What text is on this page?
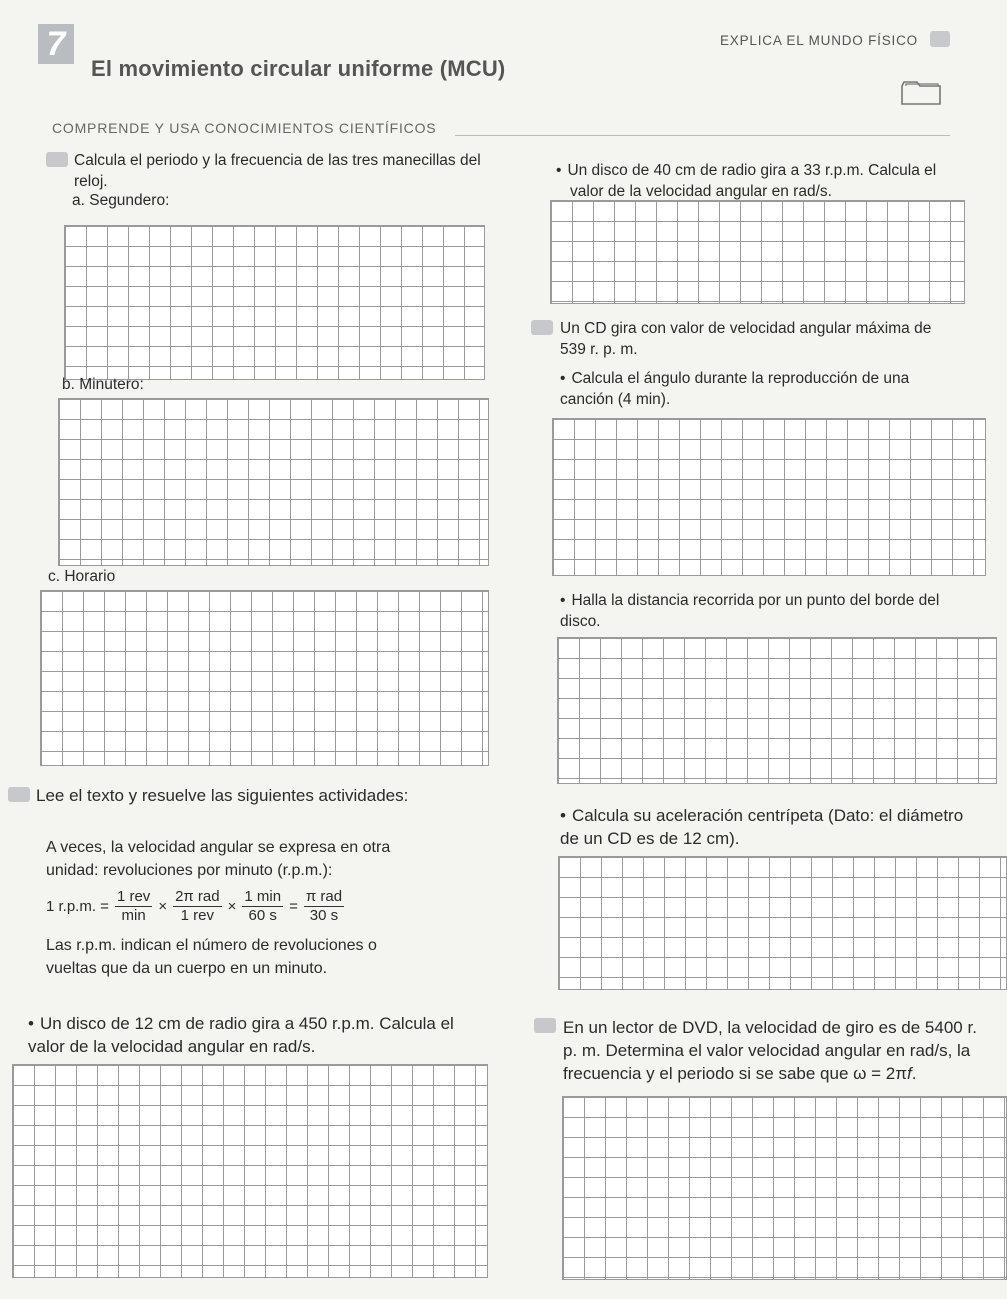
7
El movimiento circular uniforme (MCU)
EXPLICA EL MUNDO FÍSICO
COMPRENDE Y USA CONOCIMIENTOS CIENTÍFICOS
Calcula el periodo y la frecuencia de las tres manecillas del reloj.
a. Segundero:
b. Minutero:
c. Horario
• Un disco de 40 cm de radio gira a 33 r.p.m. Calcula el valor de la velocidad angular en rad/s.
Un CD gira con valor de velocidad angular máxima de 539 r. p. m.
• Calcula el ángulo durante la reproducción de una canción (4 min).
• Halla la distancia recorrida por un punto del borde del disco.
• Calcula su aceleración centrípeta (Dato: el diámetro de un CD es de 12 cm).
Lee el texto y resuelve las siguientes actividades:
A veces, la velocidad angular se expresa en otra unidad: revoluciones por minuto (r.p.m.):
1 r.p.m. = $\frac{\text{1 rev}}{\min} \times \frac{\text{2π rad}}{\text{1 rev}} \times \frac{1 \min}{60 s} = \frac{\text{π rad}}{30 s}$
Las r.p.m. indican el número de revoluciones o vueltas que da un cuerpo en un minuto.
• Un disco de 12 cm de radio gira a 450 r.p.m. Calcula el valor de la velocidad angular en rad/s.
En un lector de DVD, la velocidad de giro es de 5400 r. p. m. Determina el valor velocidad angular en rad/s, la frecuencia y el periodo si se sabe que ω = 2πf.
